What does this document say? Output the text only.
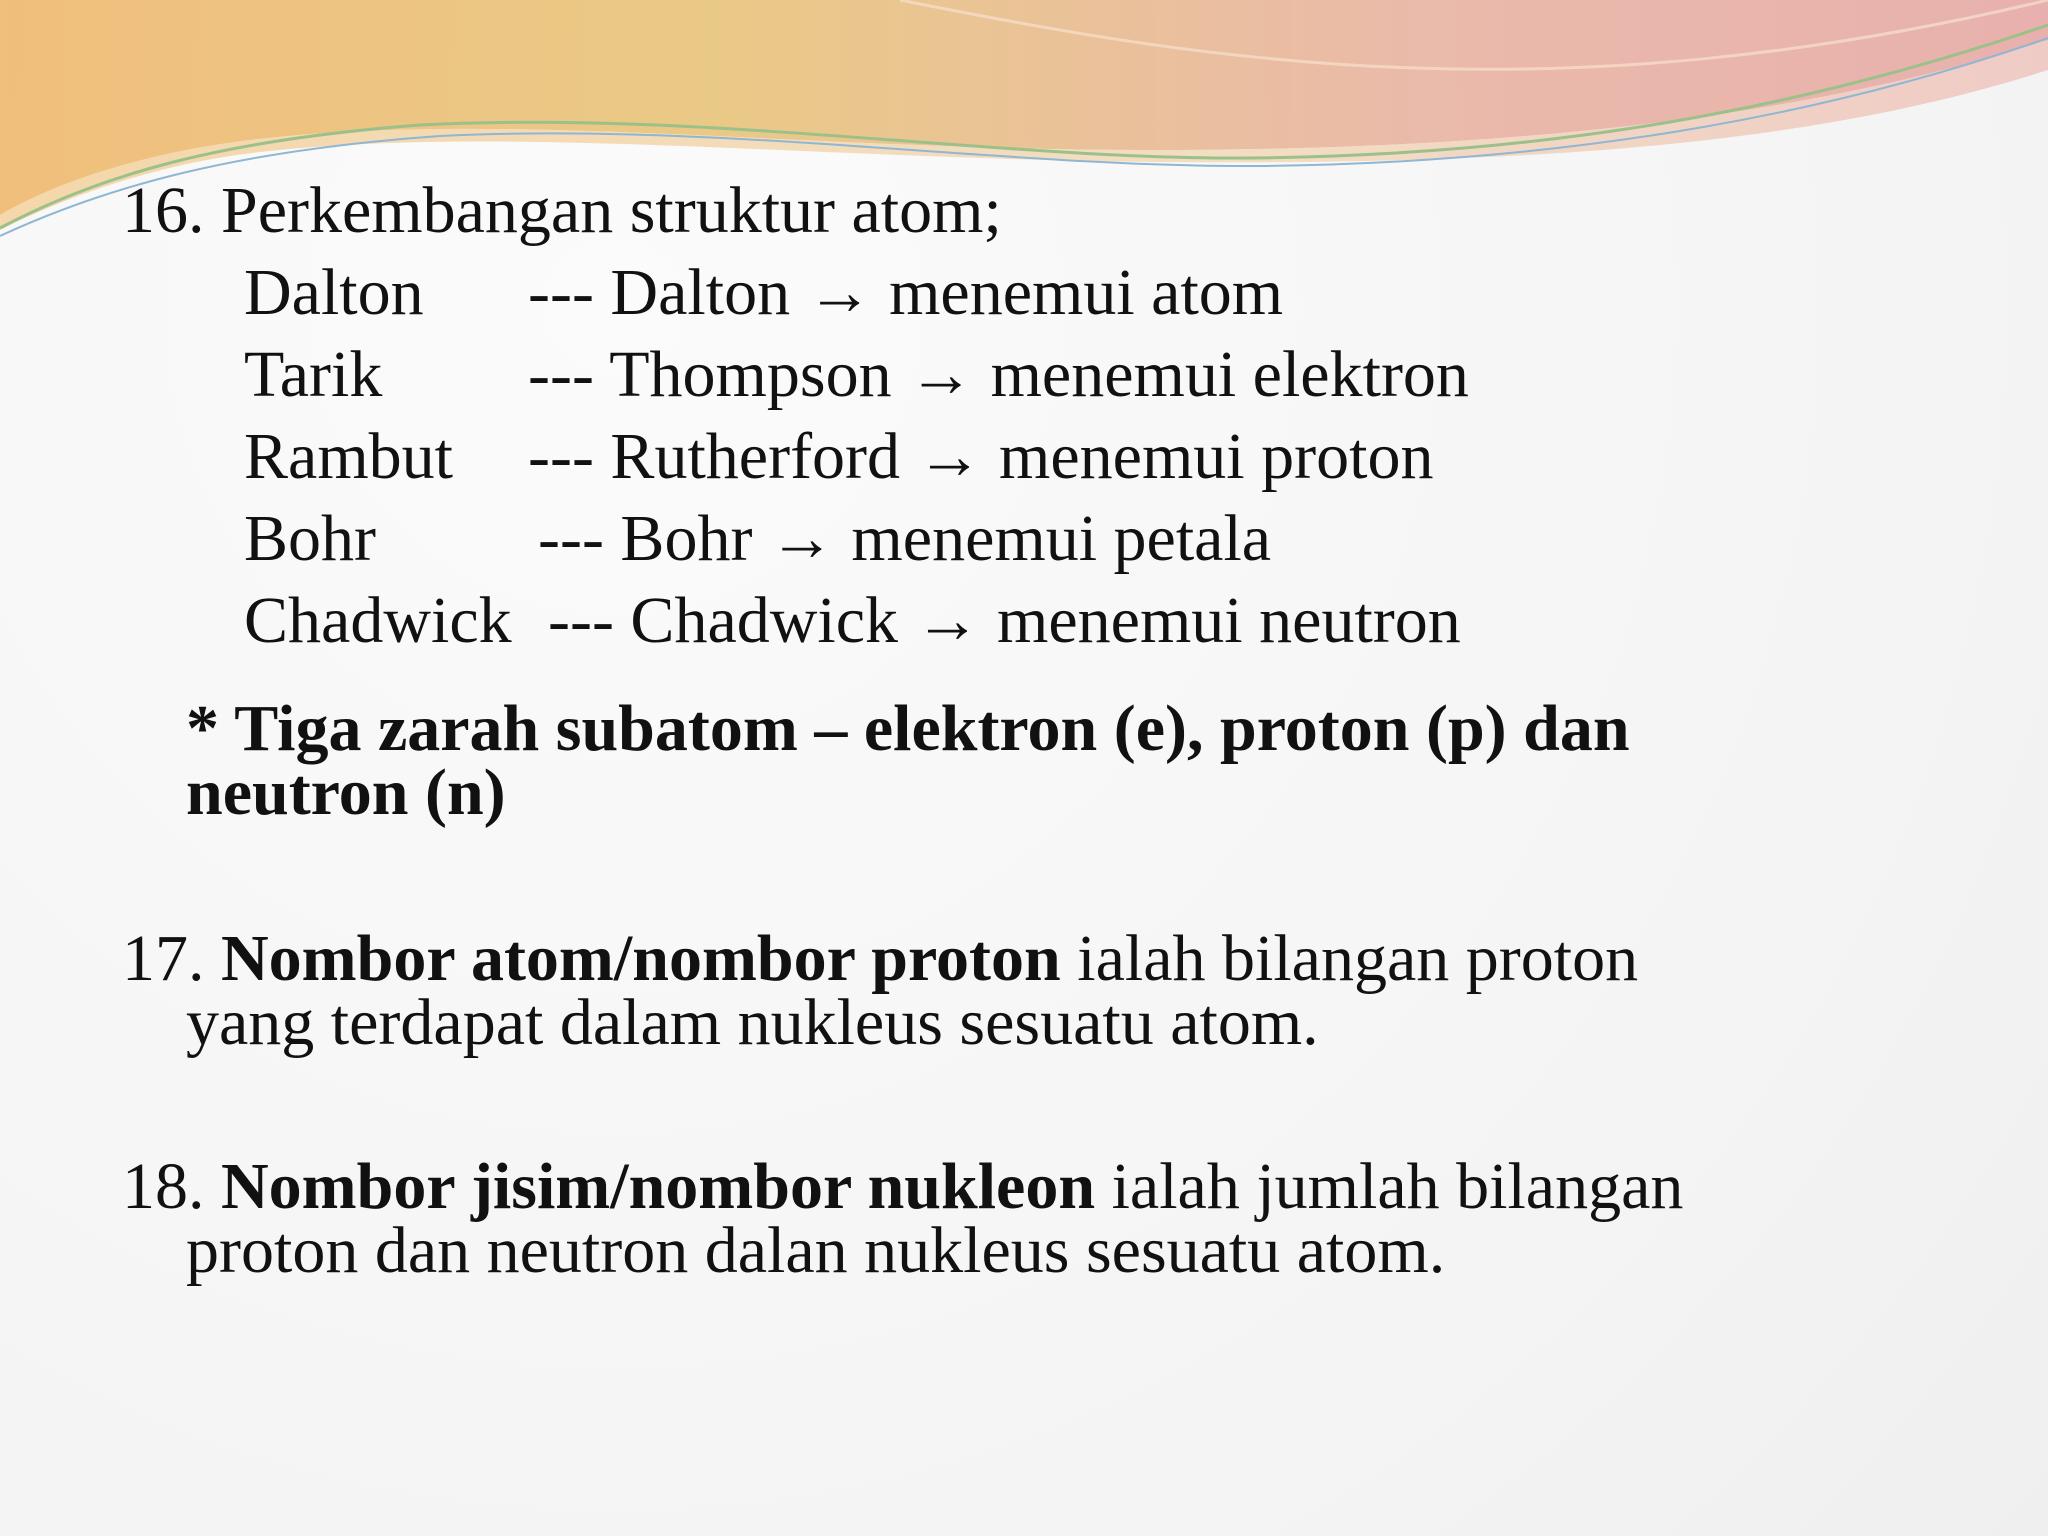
16. Perkembangan struktur atom;
Dalton --- Dalton → menemui atom
Tarik --- Thompson → menemui elektron
Rambut --- Rutherford → menemui proton
Bohr --- Bohr → menemui petala
Chadwick --- Chadwick → menemui neutron
* Tiga zarah subatom – elektron (e), proton (p) dan
neutron (n)
17. Nombor atom/nombor proton ialah bilangan proton
yang terdapat dalam nukleus sesuatu atom.
18. Nombor jisim/nombor nukleon ialah jumlah bilangan
proton dan neutron dalan nukleus sesuatu atom.
